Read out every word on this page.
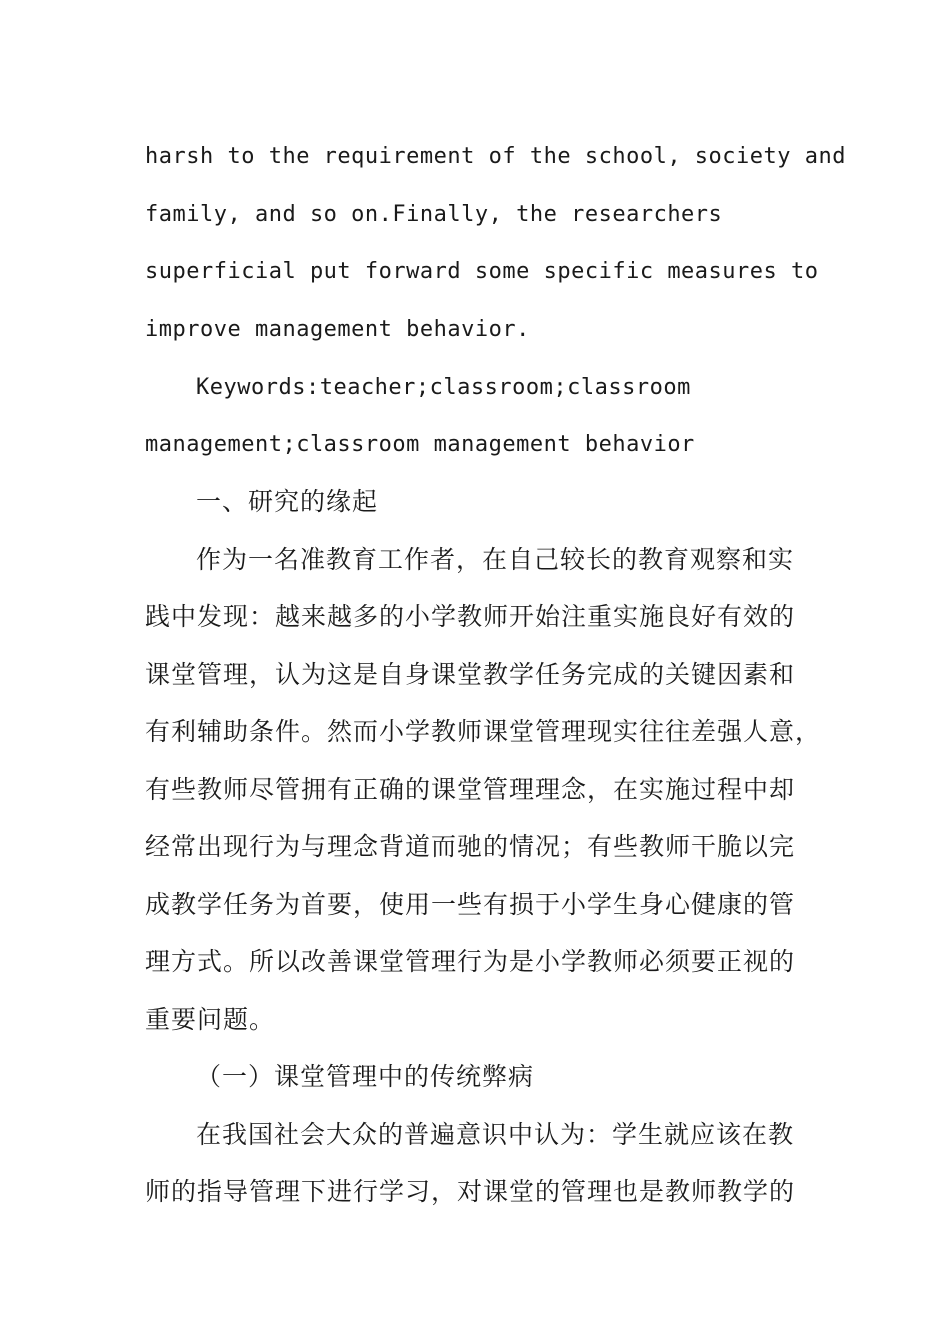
harsh to the requirement of the school, society and
family, and so on.Finally, the researchers
superficial put forward some specific measures to
improve management behavior.
Keywords:teacher;classroom;classroom
management;classroom management behavior
一、研究的缘起
作为一名准教育工作者，在自己较长的教育观察和实
践中发现：越来越多的小学教师开始注重实施良好有效的
课堂管理，认为这是自身课堂教学任务完成的关键因素和
有利辅助条件。然而小学教师课堂管理现实往往差强人意，
有些教师尽管拥有正确的课堂管理理念，在实施过程中却
经常出现行为与理念背道而驰的情况；有些教师干脆以完
成教学任务为首要，使用一些有损于小学生身心健康的管
理方式。所以改善课堂管理行为是小学教师必须要正视的
重要问题。
（一）课堂管理中的传统弊病
在我国社会大众的普遍意识中认为：学生就应该在教
师的指导管理下进行学习，对课堂的管理也是教师教学的
